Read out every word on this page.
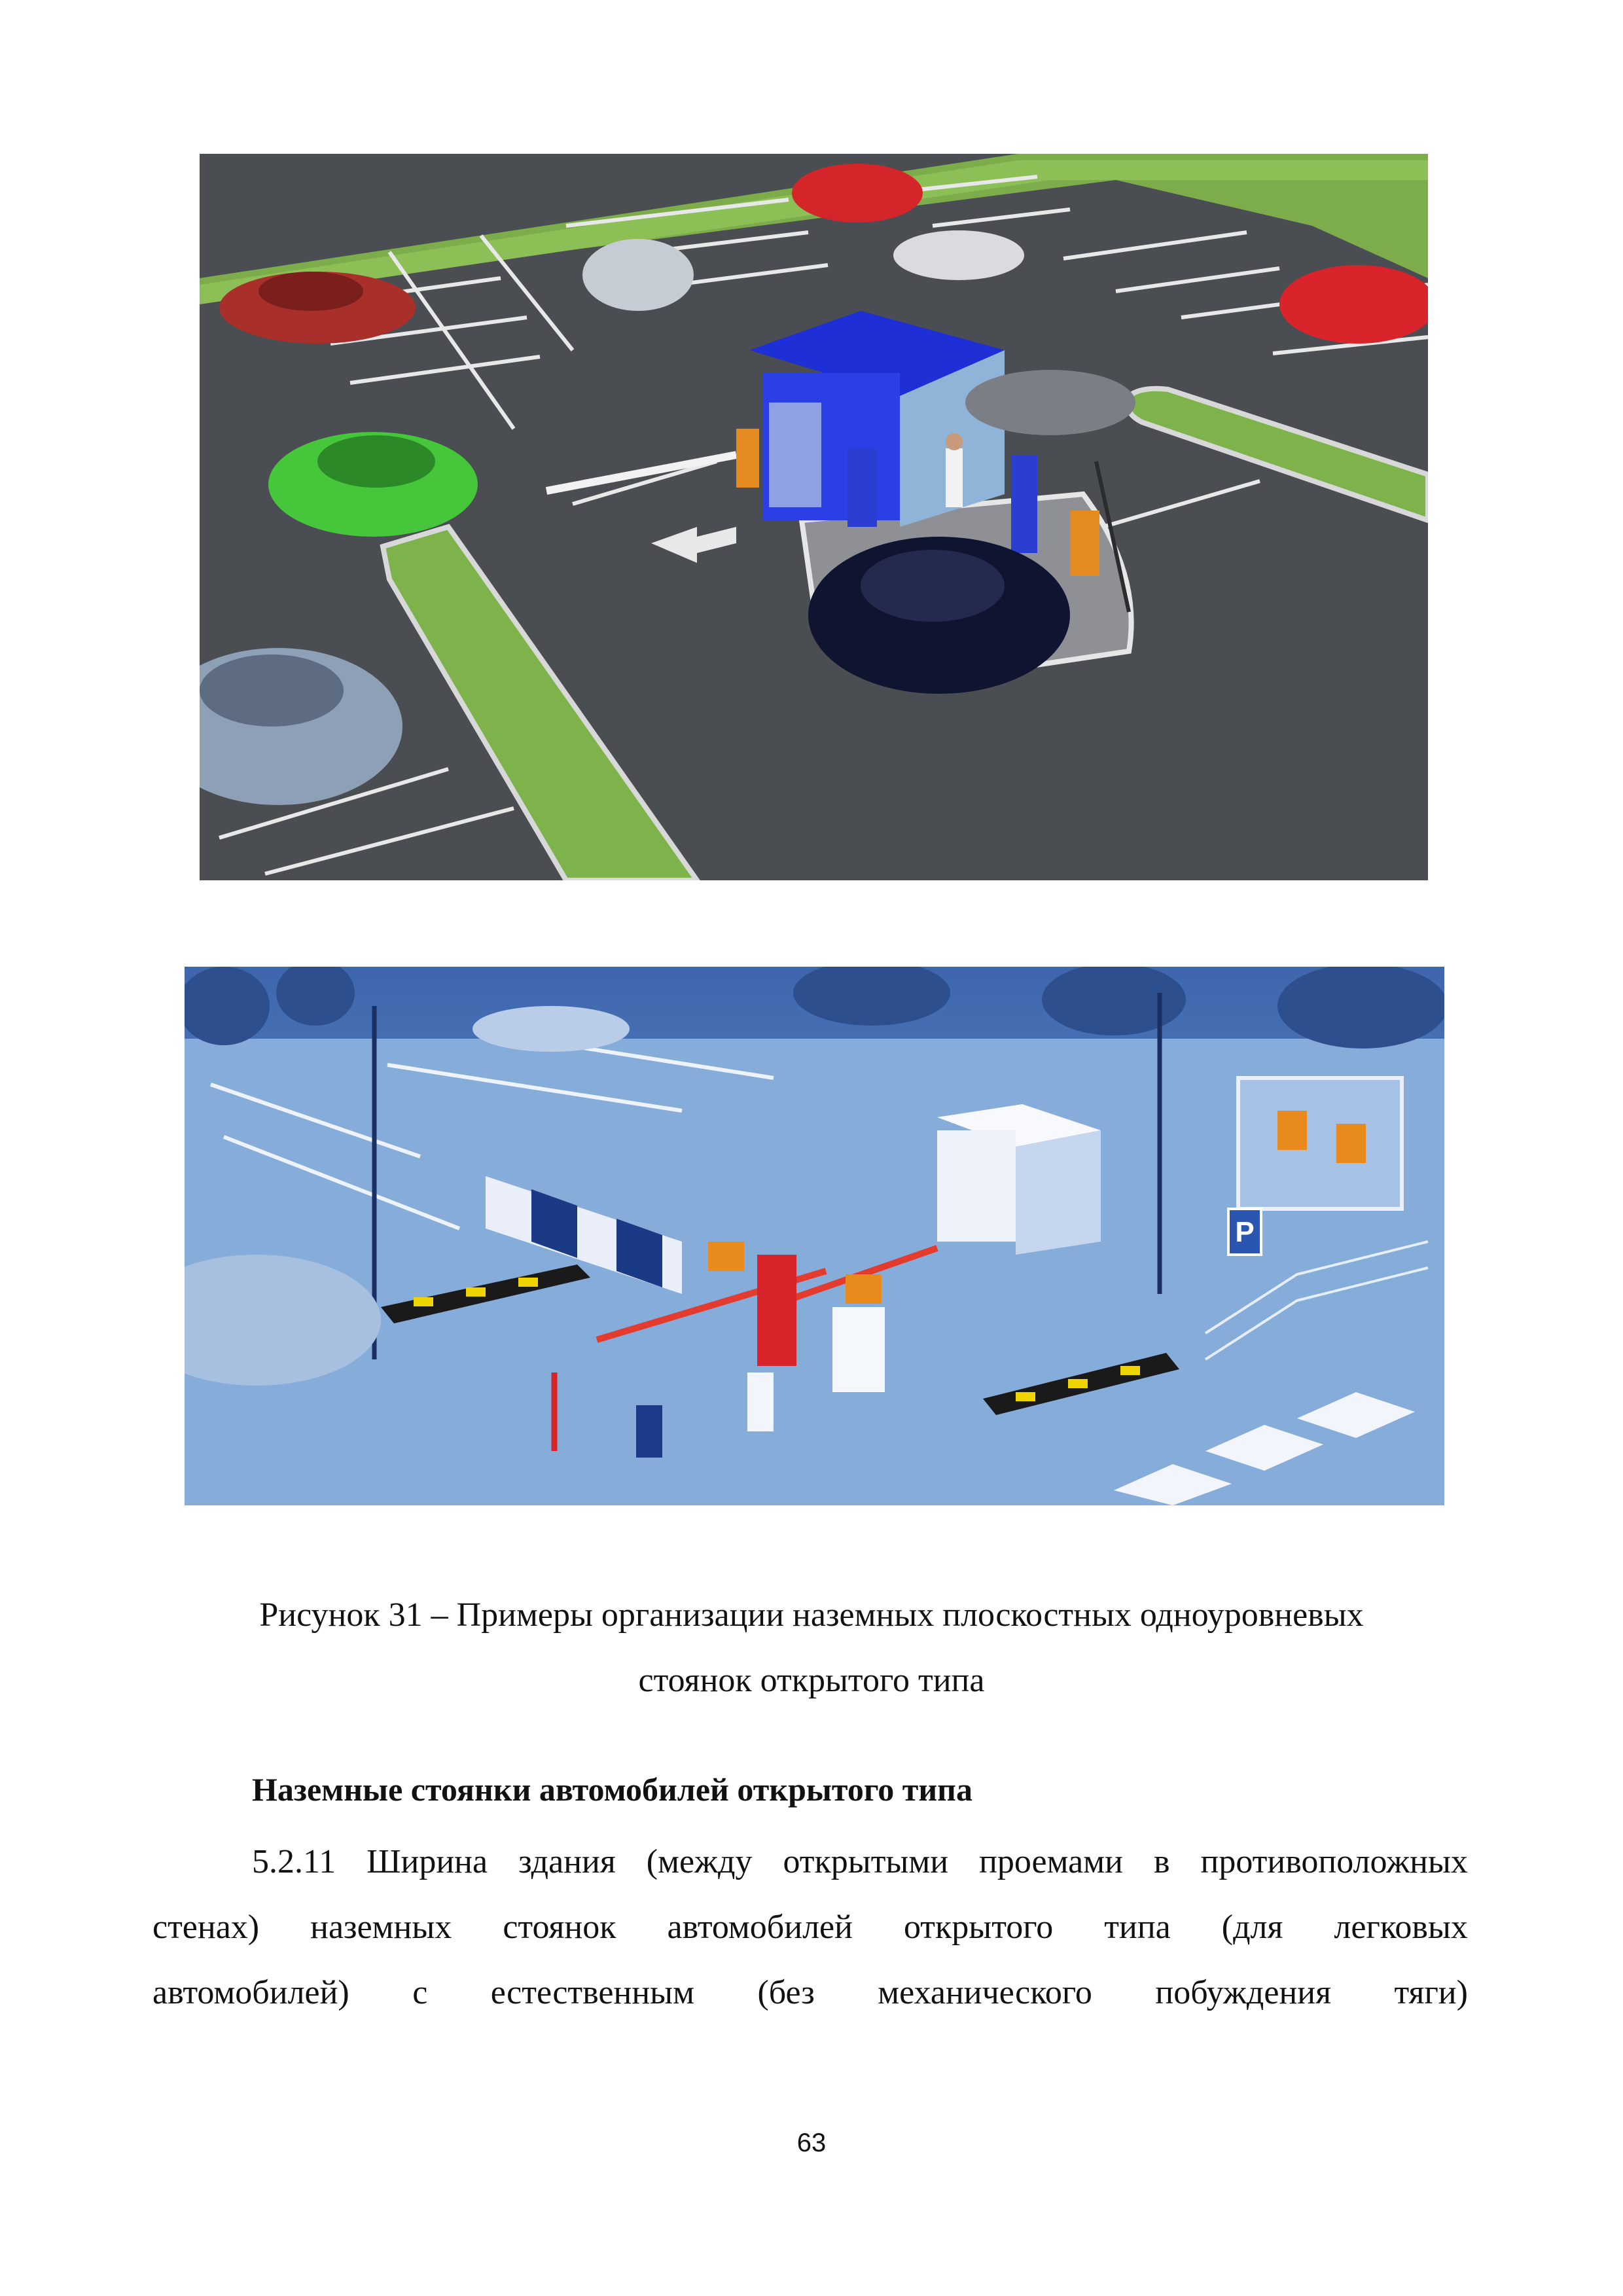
P
Рисунок 31 – Примеры организации наземных плоскостных одноуровневых
стоянок открытого типа
Наземные стоянки автомобилей открытого типа
5.2.11 Ширина здания (между открытыми проемами в противоположных
стенах) наземных стоянок автомобилей открытого типа (для легковых
автомобилей) с естественным (без механического побуждения тяги)
63
